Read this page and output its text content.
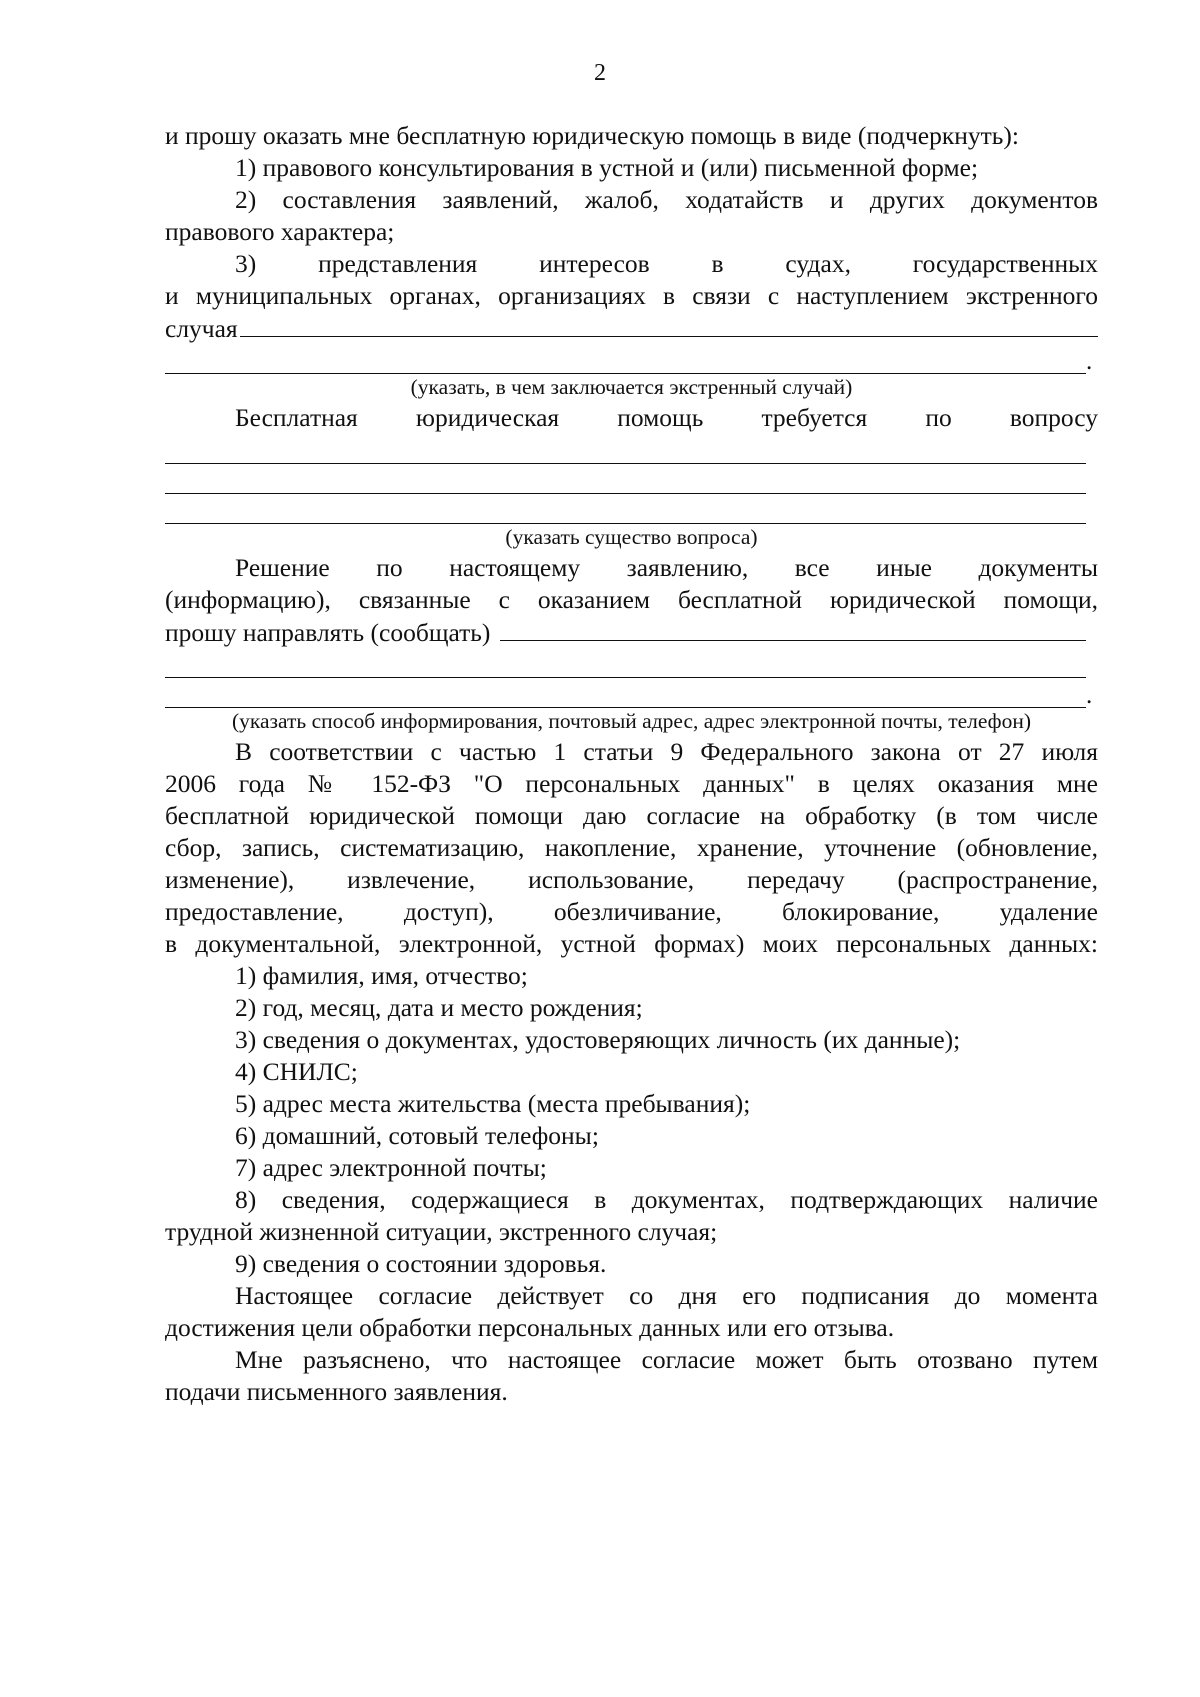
2
и прошу оказать мне бесплатную юридическую помощь в виде (подчеркнуть):
1) правового консультирования в устной и (или) письменной форме;
2) составления заявлений, жалоб, ходатайств и других документов
правового характера;
3) представления интересов в судах, государственных
и муниципальных органах, организациях в связи с наступлением экстренного
случая
.
(указать, в чем заключается экстренный случай)
Бесплатная юридическая помощь требуется по вопросу
(указать существо вопроса)
Решение по настоящему заявлению, все иные документы
(информацию), связанные с оказанием бесплатной юридической помощи,
прошу направлять (сообщать)
.
(указать способ информирования, почтовый адрес, адрес электронной почты, телефон)
В соответствии с частью 1 статьи 9 Федерального закона от 27 июля
2006 года № 152-ФЗ "О персональных данных" в целях оказания мне
бесплатной юридической помощи даю согласие на обработку (в том числе
сбор, запись, систематизацию, накопление, хранение, уточнение (обновление,
изменение), извлечение, использование, передачу (распространение,
предоставление, доступ), обезличивание, блокирование, удаление
в документальной, электронной, устной формах) моих персональных данных:
1) фамилия, имя, отчество;
2) год, месяц, дата и место рождения;
3) сведения о документах, удостоверяющих личность (их данные);
4) СНИЛС;
5) адрес места жительства (места пребывания);
6) домашний, сотовый телефоны;
7) адрес электронной почты;
8) сведения, содержащиеся в документах, подтверждающих наличие
трудной жизненной ситуации, экстренного случая;
9) сведения о состоянии здоровья.
Настоящее согласие действует со дня его подписания до момента
достижения цели обработки персональных данных или его отзыва.
Мне разъяснено, что настоящее согласие может быть отозвано путем
подачи письменного заявления.
